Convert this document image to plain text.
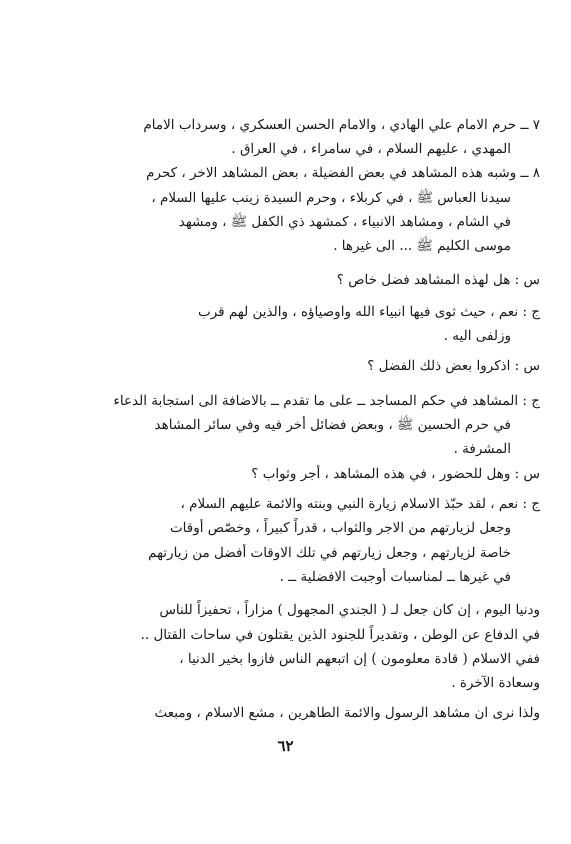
٧ ــ حرم الامام علي الهادي ، والامام الحسن العسكري ، وسرداب الامام
المهدي ، عليهم السلام ، في سامراء ، في العراق .
٨ ــ وشبه هذه المشاهد في بعض الفضيلة ، بعض المشاهد الاخر ، كحرم
سيدنا العباس ﷺ ، في كربلاء ، وحرم السيدة زينب عليها السلام ،
في الشام ، ومشاهد الانبياء ، كمشهد ذي الكفل ﷺ ، ومشهد
موسى الكليم ﷺ ... الى غيرها .
س : هل لهذه المشاهد فضل خاص ؟
ج : نعم ، حيث ثوى فيها انبياء الله واوصياؤه ، والذين لهم قرب
وزلفى اليه .
س : اذكروا بعض ذلك الفضل ؟
ج : المشاهد في حكم المساجد ــ على ما تقدم ــ بالاضافة الى استجابة الدعاء
في حرم الحسين ﷺ ، وبعض فضائل أخر فيه وفي سائر المشاهد
المشرفة .
س : وهل للحضور ، في هذه المشاهد ، أجر وثواب ؟
ج : نعم ، لقد حبّذ الاسلام زيارة النبي وبنته والائمة عليهم السلام ،
وجعل لزيارتهم من الاجر والثواب ، قدراً كبيراً ، وخصّص أوقات
خاصة لزيارتهم ، وجعل زيارتهم في تلك الاوقات أفضل من زيارتهم
في غيرها ــ لمناسبات أوجبت الافضلية ــ .
ودنيا اليوم ، إن كان جعل لـ ( الجندي المجهول ) مزاراً ، تحفيزاً للناس
في الدفاع عن الوطن ، وتقديراً للجنود الذين يقتلون في ساحات القتال ..
ففي الاسلام ( قادة معلومون ) إن اتبعهم الناس فازوا بخير الدنيا ،
وسعادة الآخرة .
ولذا نرى ان مشاهد الرسول والائمة الطاهرين ، مشع الاسلام ، ومبعث
٦٢
